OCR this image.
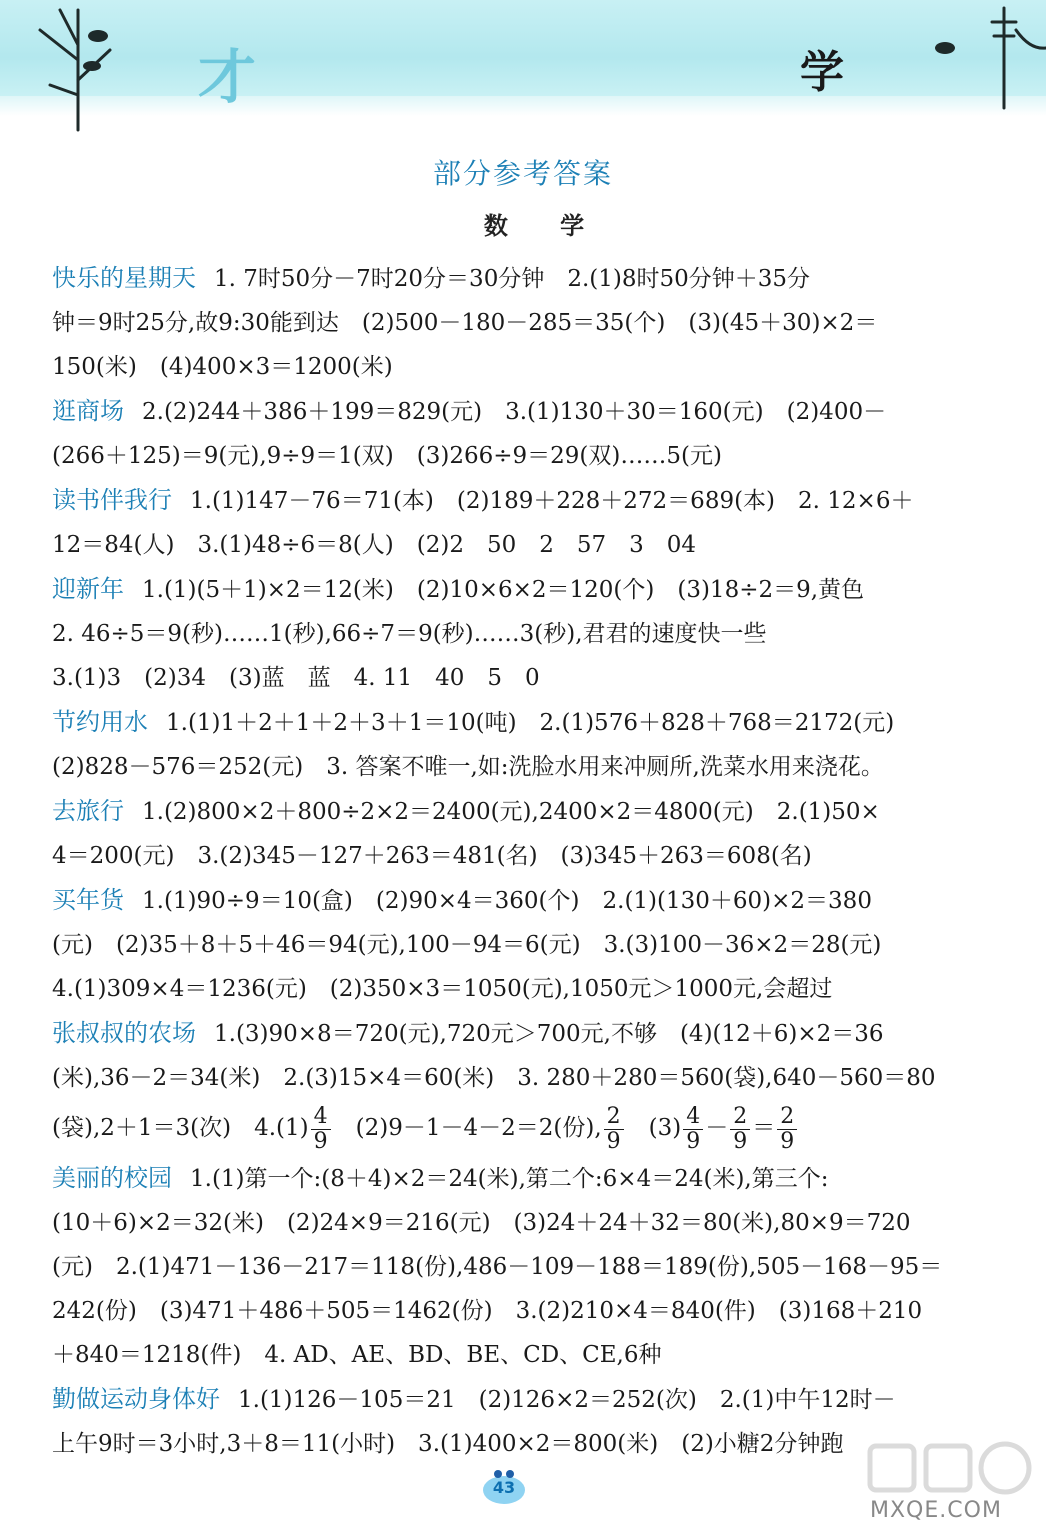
才	学
部分参考答案
数 学
快乐的星期天 1. 7时50分－7时20分＝30分钟　2.(1)8时50分钟＋35分
钟＝9时25分,故9:30能到达　(2)500－180－285＝35(个)　(3)(45＋30)×2＝
150(米)　(4)400×3＝1200(米)
逛商场 2.(2)244＋386＋199＝829(元)　3.(1)130＋30＝160(元)　(2)400－
(266＋125)＝9(元),9÷9＝1(双)　(3)266÷9＝29(双)……5(元)
读书伴我行 1.(1)147－76＝71(本)　(2)189＋228＋272＝689(本)　2. 12×6＋
12＝84(人)　3.(1)48÷6＝8(人)　(2)2　50　2　57　3　04
迎新年 1.(1)(5＋1)×2＝12(米)　(2)10×6×2＝120(个)　(3)18÷2＝9,黄色
2. 46÷5＝9(秒)……1(秒),66÷7＝9(秒)……3(秒),君君的速度快一些
3.(1)3　(2)34　(3)蓝　蓝　4. 11　40　5　0
节约用水 1.(1)1＋2＋1＋2＋3＋1＝10(吨)　2.(1)576＋828＋768＝2172(元)
(2)828－576＝252(元)　3. 答案不唯一,如:洗脸水用来冲厕所,洗菜水用来浇花。
去旅行 1.(2)800×2＋800÷2×2＝2400(元),2400×2＝4800(元)　2.(1)50×
4＝200(元)　3.(2)345－127＋263＝481(名)　(3)345＋263＝608(名)
买年货 1.(1)90÷9＝10(盒)　(2)90×4＝360(个)　2.(1)(130＋60)×2＝380
(元)　(2)35＋8＋5＋46＝94(元),100－94＝6(元)　3.(3)100－36×2＝28(元)
4.(1)309×4＝1236(元)　(2)350×3＝1050(元),1050元＞1000元,会超过
张叔叔的农场 1.(3)90×8＝720(元),720元＞700元,不够　(4)(12＋6)×2＝36
(米),36－2＝34(米)　2.(3)15×4＝60(米)　3. 280＋280＝560(袋),640－560＝80
(袋),2＋1＝3(次)　$4.(1) \frac{4}{9}$ 　(2)9－1－4－2＝2(份), $\frac{2}{9}$ 　$(3) \frac{4}{9} - \frac{2}{9} = \frac{2}{9}$
美丽的校园 1.(1)第一个:(8＋4)×2＝24(米),第二个:6×4＝24(米),第三个:
(10＋6)×2＝32(米)　(2)24×9＝216(元)　(3)24＋24＋32＝80(米),80×9＝720
(元)　2.(1)471－136－217＝118(份),486－109－188＝189(份),505－168－95＝
242(份)　(3)471＋486＋505＝1462(份)　3.(2)210×4＝840(件)　(3)168＋210
＋840＝1218(件)　4. AD、AE、BD、BE、CD、CE,6种
勤做运动身体好 1.(1)126－105＝21　(2)126×2＝252(次)　2.(1)中午12时－
上午9时＝3小时,3＋8＝11(小时)　3.(1)400×2＝800(米)　(2)小糖2分钟跑
43
MXQE.COM
